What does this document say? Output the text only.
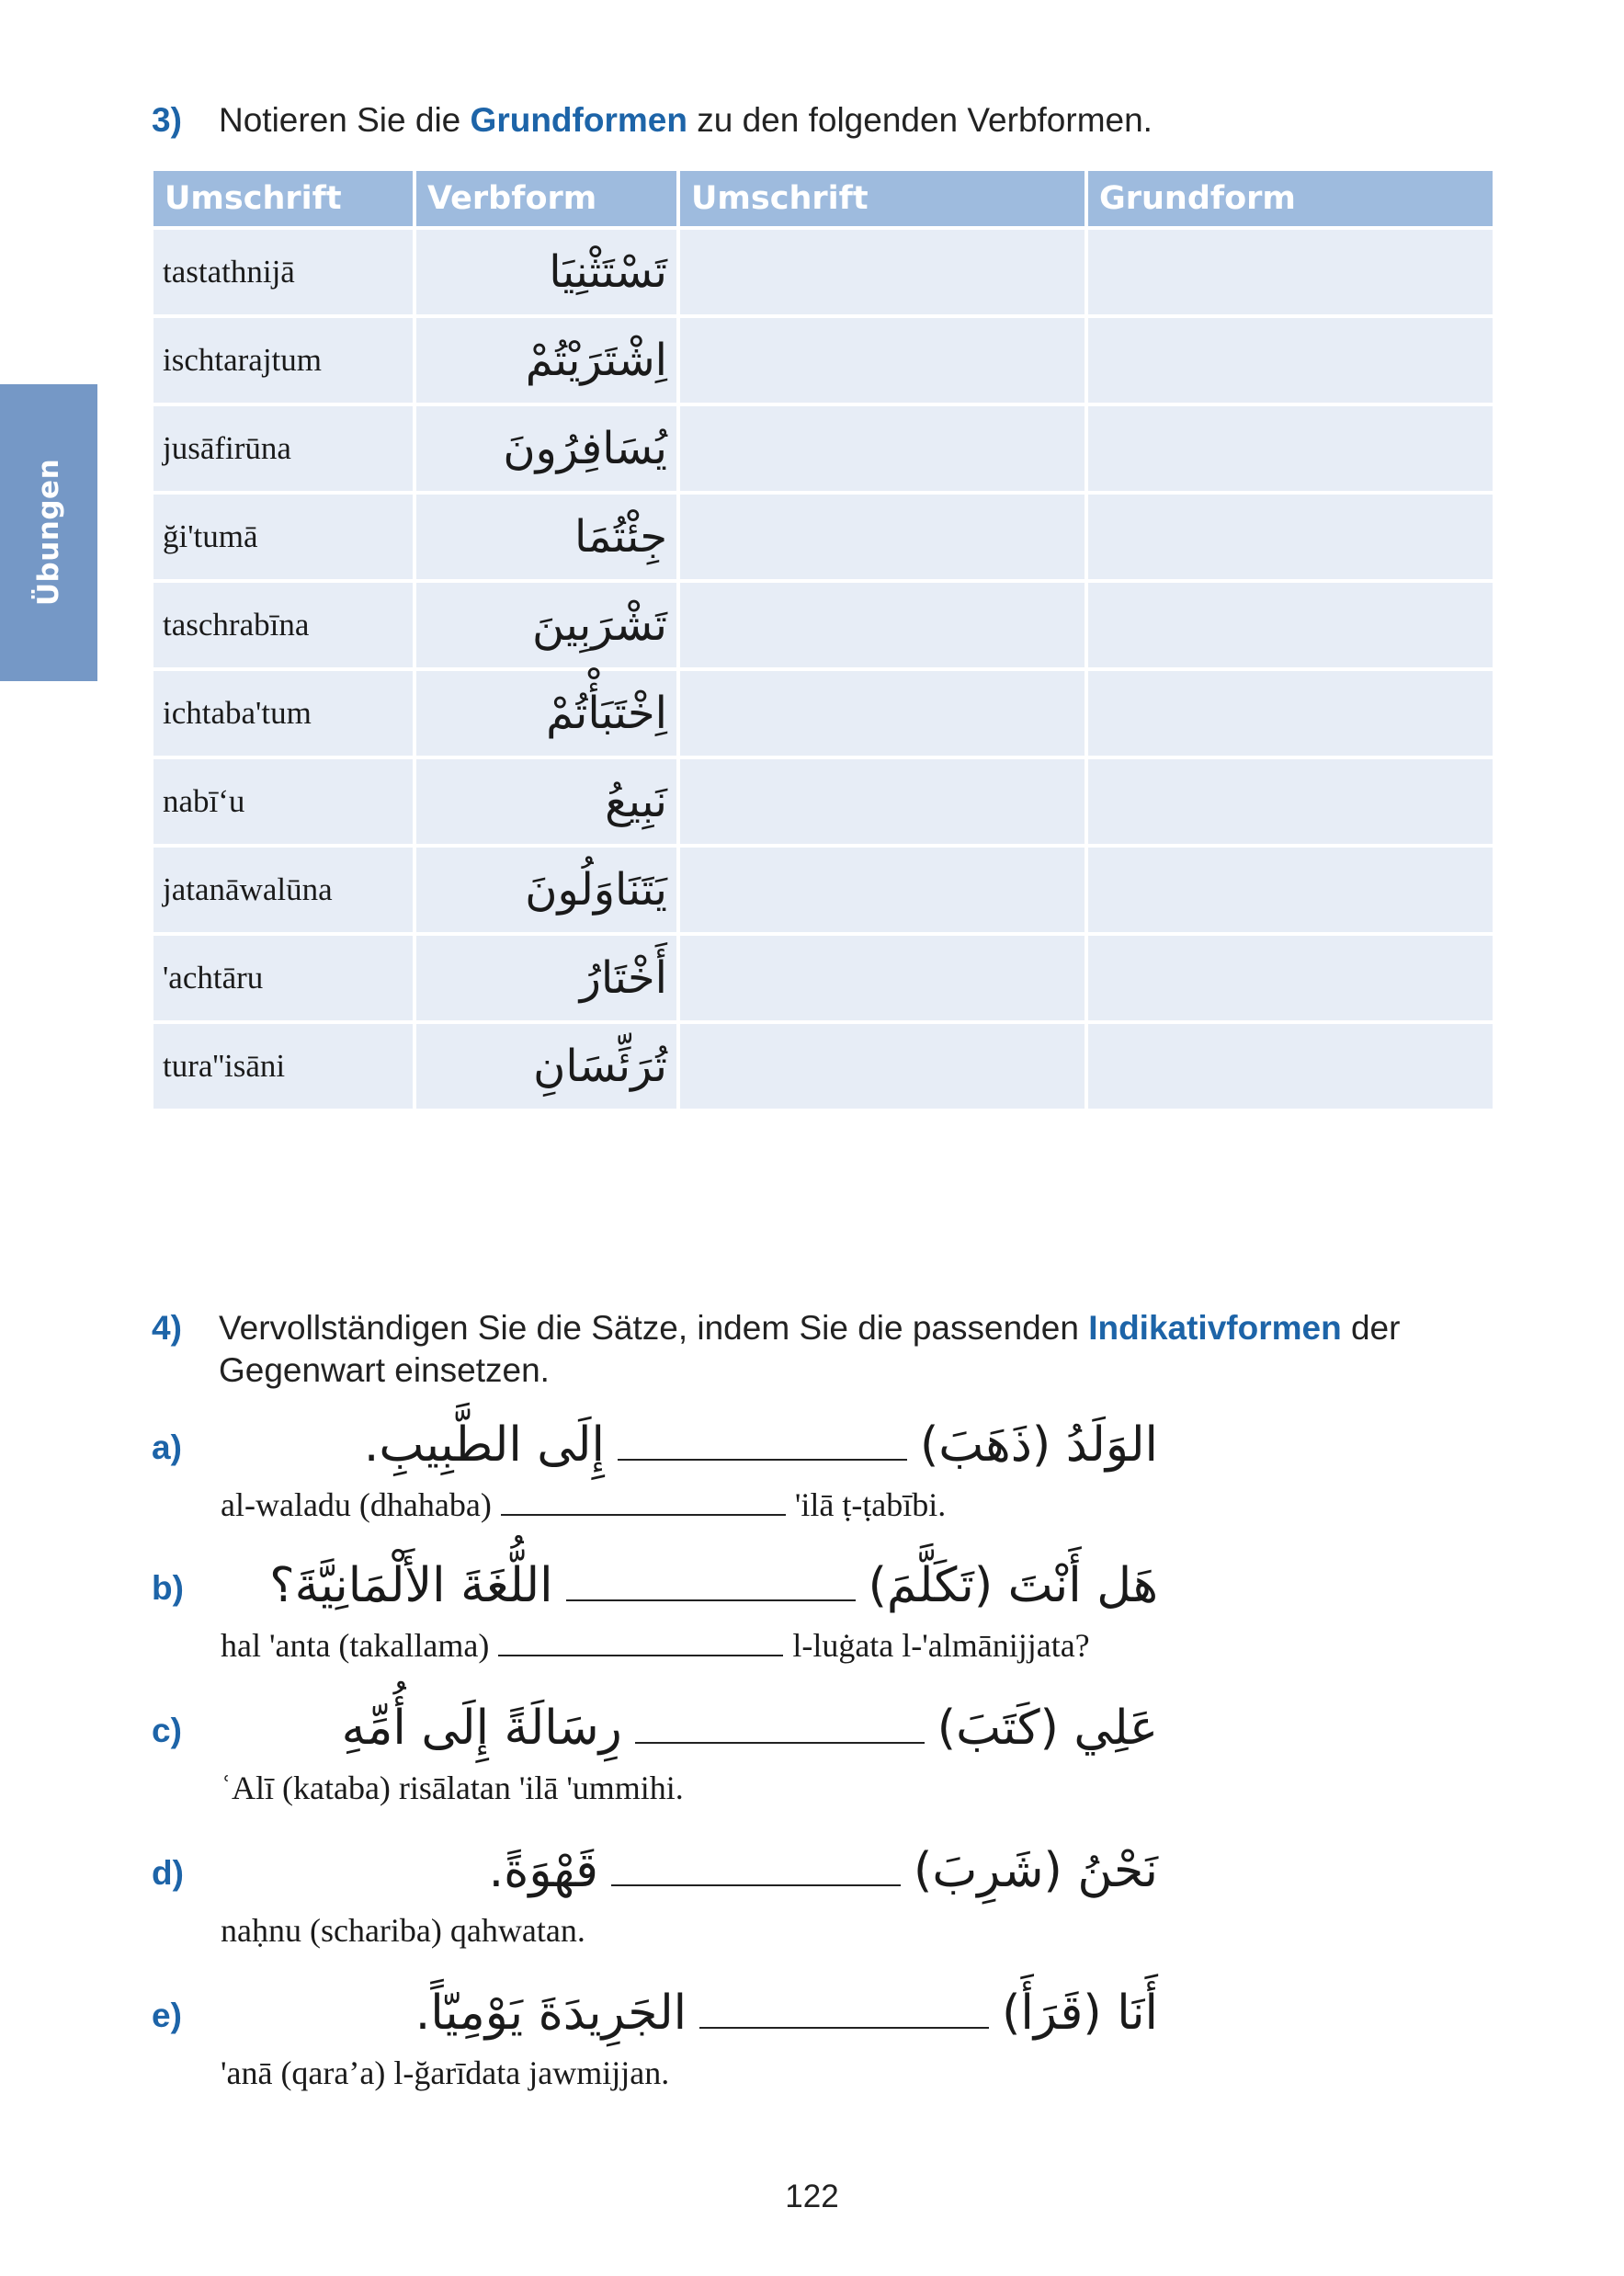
Übungen
3) Notieren Sie die Grundformen zu den folgenden Verbformen.
Umschrift	Verbform	Umschrift	Grundform
tastathnijā	تَسْتَثْنِيَا		
ischtarajtum	اِشْتَرَيْتُمْ		
jusāfirūna	يُسَافِرُونَ		
ği'tumā	جِئْتُمَا		
taschrabīna	تَشْرَبِينَ		
ichtaba'tum	اِخْتَبَأْتُمْ		
nabī‘u	نَبِيعُ		
jatanāwalūna	يَتَنَاوَلُونَ		
'achtāru	أَخْتَارُ		
tura''isāni	تُرَئِّسَانِ		
4) Vervollständigen Sie die Sätze, indem Sie die passenden Indikativformen der Gegenwart einsetzen.
a)	الوَلَدُ (ذَهَبَ)إِلَى الطَّبِيبِ.
al-waladu (dhahaba)	'ilā ṭ-ṭabībi.
b)	هَل أَنْتَ (تَكَلَّمَ)اللُّغَةَ الأَلْمَانِيَّةَ؟
hal 'anta (takallama)	l-luġata l-'almānijjata?
c)	عَلِي (كَتَبَ)رِسَالَةً إِلَى أُمِّهِ
ʿAlī (kataba) risālatan 'ilā 'ummihi.
d)	نَحْنُ (شَرِبَ)قَهْوَةً.
naḥnu (schariba) qahwatan.
e)	أَنَا (قَرَأَ)الجَرِيدَةَ يَوْمِيّاً.
'anā (qara’a) l-ğarīdata jawmijjan.
122
